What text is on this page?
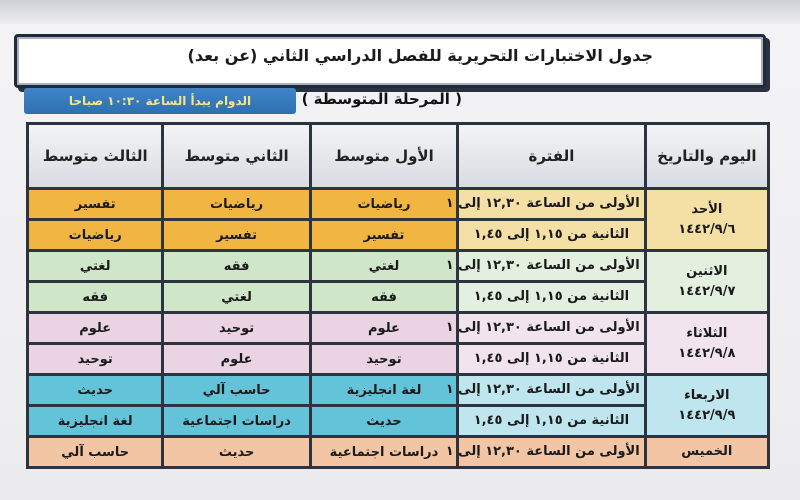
جدول الاختبارات التحريرية للفصل الدراسي الثاني (عن بعد)
( المرحلة المتوسطة )
الدوام يبدأ الساعة ١٠:٣٠ صباحا
اليوم والتاريخ	الفترة	الأول متوسط	الثاني متوسط	الثالث متوسط

الأحد
١٤٤٢/٩/٦	الأولى من الساعة ١٢,٣٠ إلى ١	رياضيات	رياضيات	تفسير
	الثانية من ١,١٥ إلى ١,٤٥	تفسير	تفسير	رياضيات

الاثنين
١٤٤٢/٩/٧	الأولى من الساعة ١٢,٣٠ إلى ١	لغتي	فقه	لغتي
	الثانية من ١,١٥ إلى ١,٤٥	فقه	لغتي	فقه

الثلاثاء
١٤٤٢/٩/٨	الأولى من الساعة ١٢,٣٠ إلى ١	علوم	توحيد	علوم
	الثانية من ١,١٥ إلى ١,٤٥	توحيد	علوم	توحيد

الاربعاء
١٤٤٢/٩/٩	الأولى من الساعة ١٢,٣٠ إلى ١	لغة انجليزية	حاسب آلي	حديث
	الثانية من ١,١٥ إلى ١,٤٥	حديث	دراسات اجتماعية	لغة انجليزية

الخميس	الأولى من الساعة ١٢,٣٠ إلى ١	دراسات اجتماعية	حديث	حاسب آلي
